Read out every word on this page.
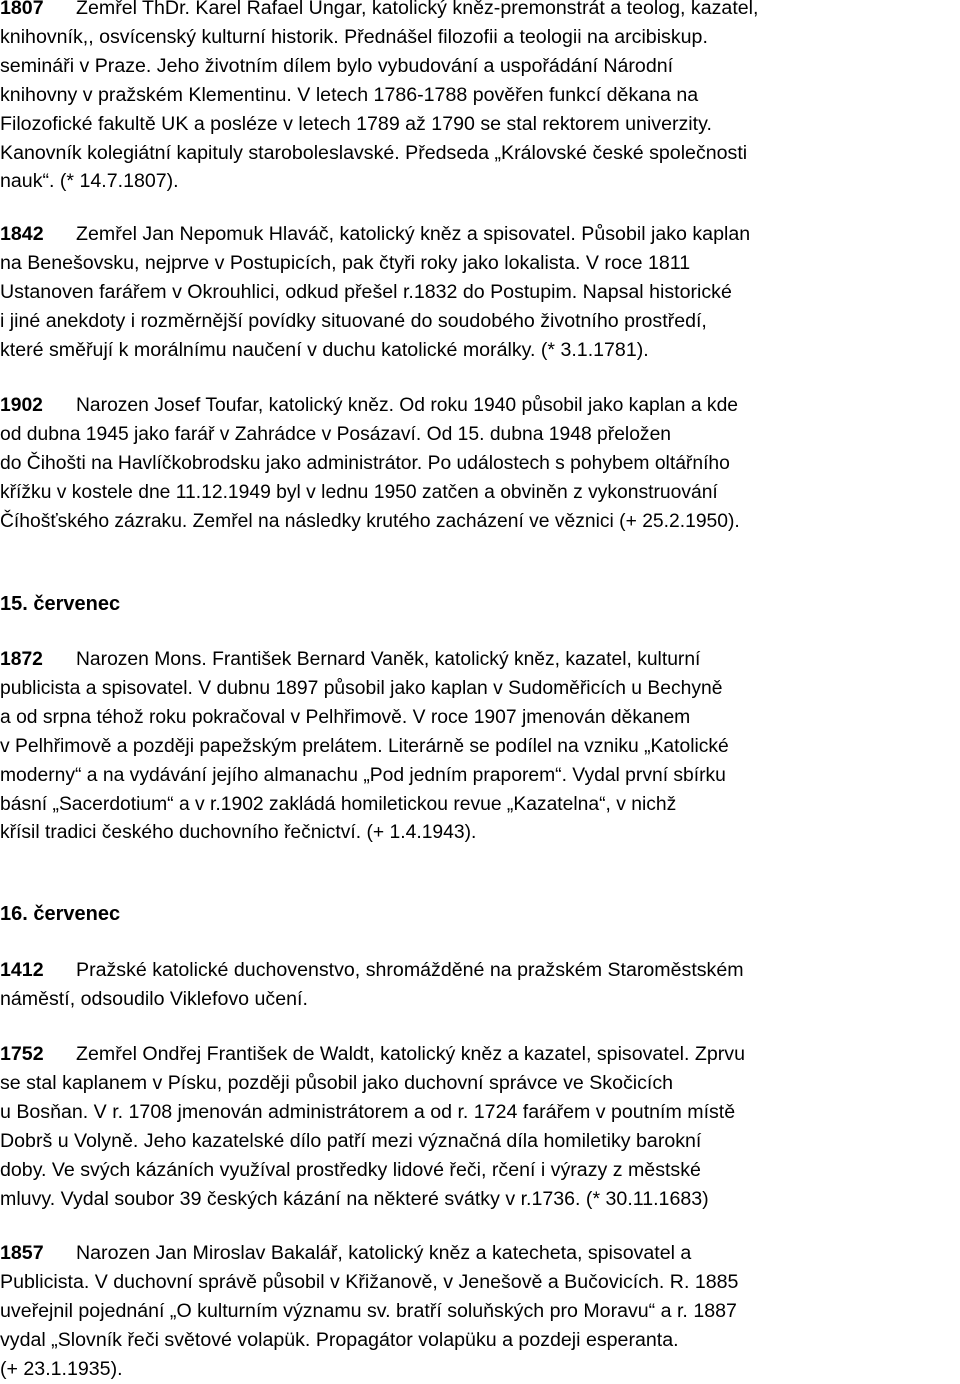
1807 Zemřel ThDr. Karel Rafael Ungar, katolický kněz-premonstrát a teolog, kazatel,
knihovník,, osvícenský kulturní historik. Přednášel filozofii a teologii na arcibiskup.
semináři v Praze. Jeho životním dílem bylo vybudování a uspořádání Národní
knihovny v pražském Klementinu. V letech 1786-1788 pověřen funkcí děkana na
Filozofické fakultě UK a posléze v letech 1789 až 1790 se stal rektorem univerzity.
Kanovník kolegiátní kapituly staroboleslavské. Předseda „Královské české společnosti
nauk“. (* 14.7.1807).
1842 Zemřel Jan Nepomuk Hlaváč, katolický kněz a spisovatel. Působil jako kaplan
na Benešovsku, nejprve v Postupicích, pak čtyři roky jako lokalista. V roce 1811
Ustanoven farářem v Okrouhlici, odkud přešel r.1832 do Postupim. Napsal historické
i jiné anekdoty i rozměrnější povídky situované do soudobého životního prostředí,
které směřují k morálnímu naučení v duchu katolické morálky. (* 3.1.1781).
1902 Narozen Josef Toufar, katolický kněz. Od roku 1940 působil jako kaplan a kde
od dubna 1945 jako farář v Zahrádce v Posázaví. Od 15. dubna 1948 přeložen
do Čihošti na Havlíčkobrodsku jako administrátor. Po událostech s pohybem oltářního
křížku v kostele dne 11.12.1949 byl v lednu 1950 zatčen a obviněn z vykonstruování
Číhošťského zázraku. Zemřel na následky krutého zacházení ve věznici (+ 25.2.1950).
15. červenec
1872 Narozen Mons. František Bernard Vaněk, katolický kněz, kazatel, kulturní
publicista a spisovatel. V dubnu 1897 působil jako kaplan v Sudoměřicích u Bechyně
a od srpna téhož roku pokračoval v Pelhřimově. V roce 1907 jmenován děkanem
v Pelhřimově a později papežským prelátem. Literárně se podílel na vzniku „Katolické
moderny“ a na vydávání jejího almanachu „Pod jedním praporem“. Vydal první sbírku
básní „Sacerdotium“ a v r.1902 zakládá homiletickou revue „Kazatelna“, v nichž
křísil tradici českého duchovního řečnictví. (+ 1.4.1943).
16. červenec
1412 Pražské katolické duchovenstvo, shromážděné na pražském Staroměstském
náměstí, odsoudilo Viklefovo učení.
1752 Zemřel Ondřej František de Waldt, katolický kněz a kazatel, spisovatel. Zprvu
se stal kaplanem v Písku, později působil jako duchovní správce ve Skočicích
u Bosňan. V r. 1708 jmenován administrátorem a od r. 1724 farářem v poutním místě
Dobrš u Volyně. Jeho kazatelské dílo patří mezi význačná díla homiletiky barokní
doby. Ve svých kázáních využíval prostředky lidové řeči, rčení i výrazy z městské
mluvy. Vydal soubor 39 českých kázání na některé svátky v r.1736. (* 30.11.1683)
1857 Narozen Jan Miroslav Bakalář, katolický kněz a katecheta, spisovatel a
Publicista. V duchovní správě působil v Křižanově, v Jenešově a Bučovicích. R. 1885
uveřejnil pojednání „O kulturním významu sv. bratří soluňských pro Moravu“ a r. 1887
vydal „Slovník řeči světové volapük. Propagátor volapüku a pozdeji esperanta.
(+ 23.1.1935).
